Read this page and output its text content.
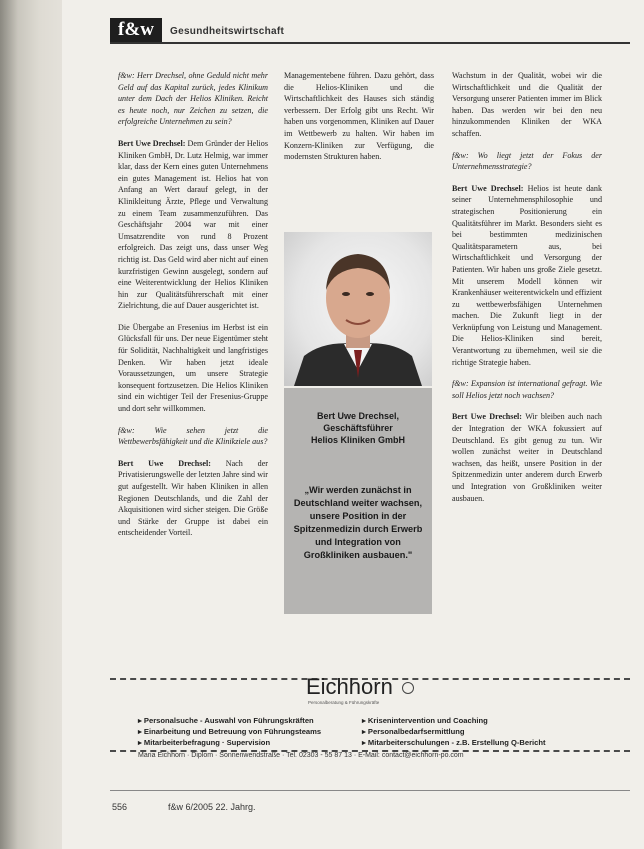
f&w	Gesundheitswirtschaft

f&w: Herr Drechsel, ohne Geduld nicht mehr Geld auf das Kapital zurück, jedes Klinikum unter dem Dach der Helios Kliniken. Reicht es heute noch, nur Zeichen zu setzen, die erfolgreiche Unternehmen zu sein?

Bert Uwe Drechsel: Dem Gründer der Helios Kliniken GmbH, Dr. Lutz Helmig, war immer klar, dass der Kern eines guten Unternehmens ein gutes Management ist. Helios hat von Anfang an Wert darauf gelegt, in der Klinikleitung Ärzte, Pflege und Verwaltung zu einem Team zusammenzuführen. Das Geschäftsjahr 2004 war mit einer Umsatzrendite von rund 8 Prozent erfolgreich. Das zeigt uns, dass unser Weg richtig ist. Das Geld wird aber nicht auf einen kurzfristigen Gewinn ausgelegt, sondern auf eine Weiterentwicklung der Helios Kliniken hin zur Qualitätsführerschaft mit einer Zielrichtung, die auf Dauer ausgerichtet ist.

Die Übergabe an Fresenius im Herbst ist ein Glücksfall für uns. Der neue Eigentümer steht für Solidität, Nachhaltigkeit und langfristiges Denken. Wir haben jetzt ideale Voraussetzungen, um unsere Strategie konsequent fortzusetzen. Die Helios Kliniken sind ein wichtiger Teil der Fresenius-Gruppe und dort sehr willkommen.

f&w: Wie sehen jetzt die Wettbewerbsfähigkeit und die Klinikziele aus?

Bert Uwe Drechsel: Nach der Privatisierungswelle der letzten Jahre sind wir gut aufgestellt. Wir haben Kliniken in allen Regionen Deutschlands, und die Zahl der Akquisitionen wird sicher steigen. Die Größe und Stärke der Gruppe ist dabei ein entscheidender Vorteil.

Managementebene führen. Dazu gehört, dass die Helios-Kliniken und die Wirtschaftlichkeit des Hauses sich ständig verbessern. Der Erfolg gibt uns Recht. Wir haben uns vorgenommen, Kliniken auf Dauer im Wettbewerb zu halten. Wir haben im Konzern-Kliniken zur Verfügung, die modernsten Strukturen haben.

Bert Uwe Drechsel,
Geschäftsführer
Helios Kliniken GmbH
„Wir werden zunächst in Deutschland weiter wachsen, unsere Position in der Spitzenmedizin durch Erwerb und Integration von Großkliniken ausbauen."

Wachstum in der Qualität, wobei wir die Wirtschaftlichkeit und die Qualität der Versorgung unserer Patienten immer im Blick haben. Das werden wir bei den neu hinzukommenden Kliniken der WKA schaffen.

f&w: Wo liegt jetzt der Fokus der Unternehmensstrategie?

Bert Uwe Drechsel: Helios ist heute dank seiner Unternehmensphilosophie und strategischen Positionierung ein Qualitätsführer im Markt. Besonders sieht es bei bestimmten medizinischen Qualitätsparametern aus, bei Wirtschaftlichkeit und Versorgung der Patienten. Wir haben uns große Ziele gesetzt. Mit unserem Modell können wir Krankenhäuser weiterentwickeln und effizient zu wettbewerbsfähigen Unternehmen machen. Die Zukunft liegt in der Verknüpfung von Leistung und Management. Die Helios-Kliniken sind bereit, Verantwortung zu übernehmen, weil sie die richtige Strategie haben.

f&w: Expansion ist international gefragt. Wie soll Helios jetzt noch wachsen?

Bert Uwe Drechsel: Wir bleiben auch nach der Integration der WKA fokussiert auf Deutschland. Es gibt genug zu tun. Wir wollen zunächst weiter in Deutschland wachsen, das heißt, unsere Position in der Spitzenmedizin unter anderem durch Erwerb und Integration von Großkliniken weiter ausbauen.

Eichhorn
Personalberatung & Führungskräfte
▸ Personalsuche - Auswahl von Führungskräften	▸ Krisenintervention und Coaching
▸ Einarbeitung und Betreuung von Führungsteams	▸ Personalbedarfsermittlung
▸ Mitarbeiterbefragung · Supervision	▸ Mitarbeiterschulungen - z.B. Erstellung Q-Bericht
Maria Eichhorn · Diplom · Sonnenwendstraße · Tel. 02303 - 55 87 13 · E-Mail: contact@eichhorn-po.com
556	f&w 6/2005 22. Jahrg.
